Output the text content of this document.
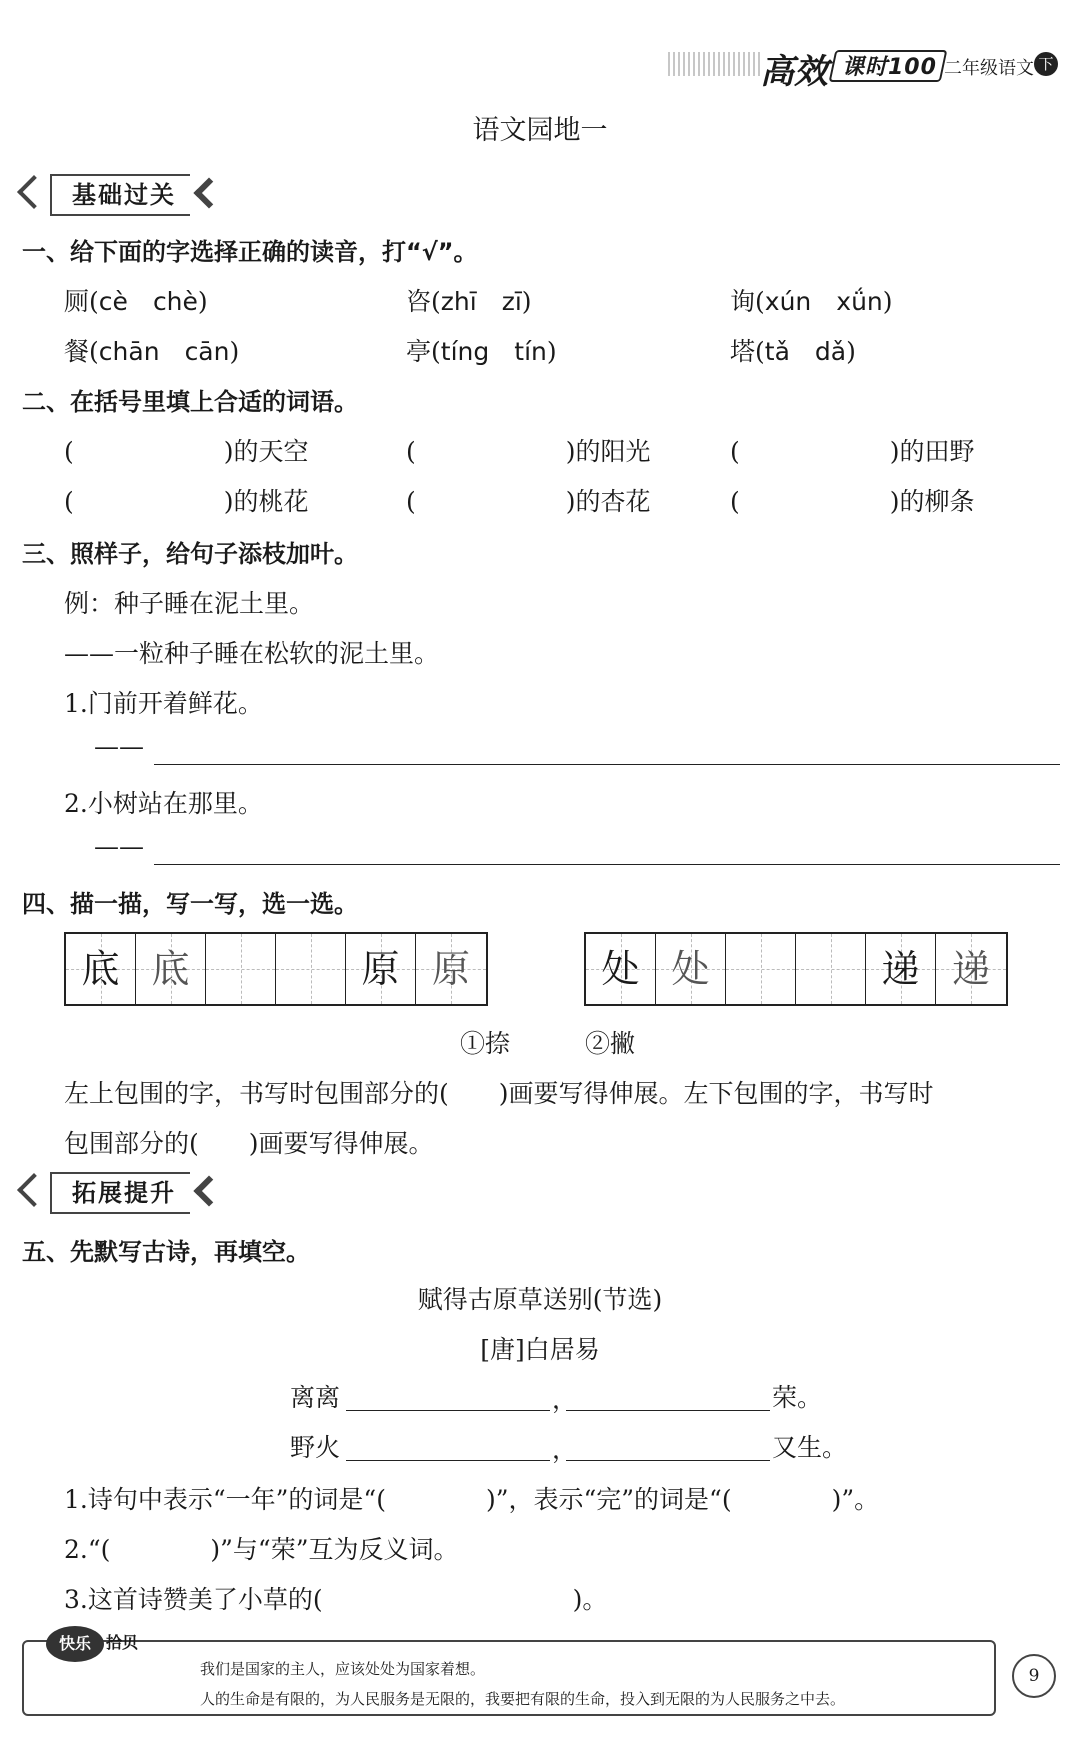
高效 课时100 二年级语文 下
语文园地一
基础过关
一、给下面的字选择正确的读音，打“√”。
厕(cè　 chè)	咨(zhī　 zī)	询(xún　 xǘn)
餐(chān　 cān)	亭(tíng　 tín)	塔(tǎ　 dǎ)
二、在括号里填上合适的词语。
(	)的天空	(	)的阳光	(	)的田野
(	)的桃花	(	)的杏花	(	)的柳条
三、照样子，给句子添枝加叶。
例：种子睡在泥土里。
——一粒种子睡在松软的泥土里。
1.门前开着鲜花。
——
2.小树站在那里。
——
四、描一描，写一写，选一选。
底 底	原 原	处 处	递 递
①捺　　　②撇
左上包围的字，书写时包围部分的(　　)画要写得伸展。左下包围的字，书写时
包围部分的(　　)画要写得伸展。
拓展提升
五、先默写古诗，再填空。
赋得古原草送别(节选)
[唐]白居易
离离	，	荣。
野火	，	又生。
1.诗句中表示“一年”的词是“(　　　　)”，表示“完”的词是“(　　　　)”。
2.“(　　　　)”与“荣”互为反义词。
3.这首诗赞美了小草的(　　　　　　　　　　)。
快乐 拾贝
我们是国家的主人，应该处处为国家着想。
人的生命是有限的，为人民服务是无限的，我要把有限的生命，投入到无限的为人民服务之中去。
9
